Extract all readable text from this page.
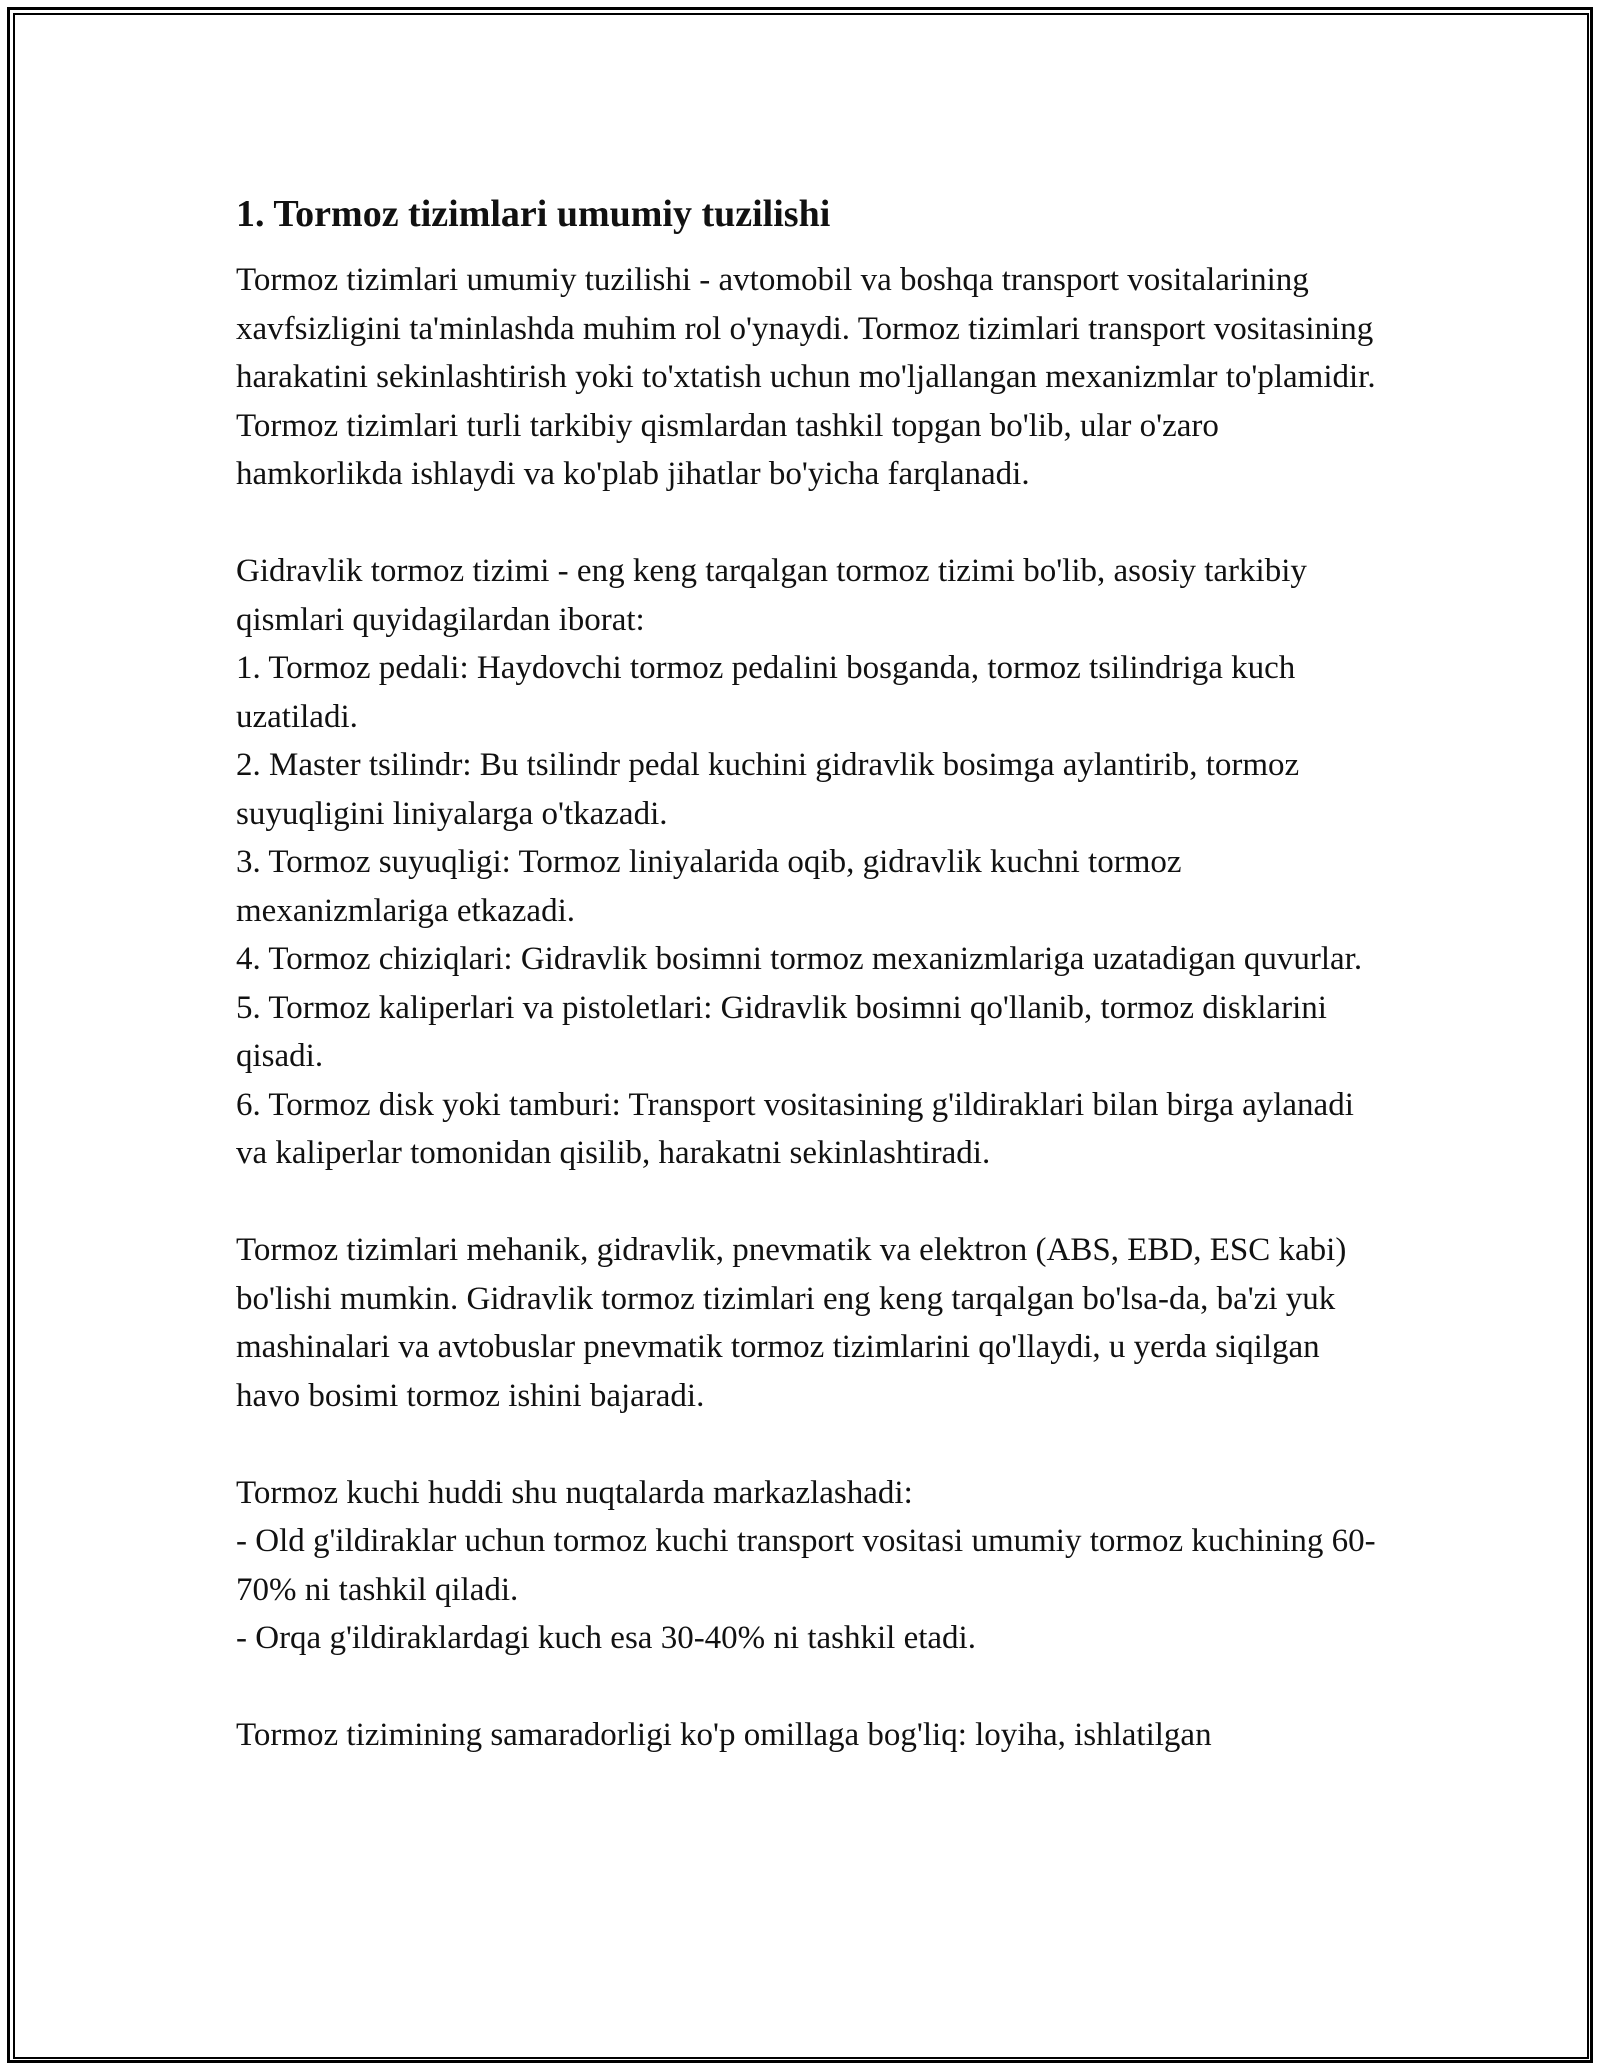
1. Tormoz tizimlari umumiy tuzilishi

Tormoz tizimlari umumiy tuzilishi - avtomobil va boshqa transport vositalarining xavfsizligini ta'minlashda muhim rol o'ynaydi. Tormoz tizimlari transport vositasining harakatini sekinlashtirish yoki to'xtatish uchun mo'ljallangan mexanizmlar to'plamidir. Tormoz tizimlari turli tarkibiy qismlardan tashkil topgan bo'lib, ular o'zaro hamkorlikda ishlaydi va ko'plab jihatlar bo'yicha farqlanadi.

Gidravlik tormoz tizimi - eng keng tarqalgan tormoz tizimi bo'lib, asosiy tarkibiy qismlari quyidagilardan iborat:
1. Tormoz pedali: Haydovchi tormoz pedalini bosganda, tormoz tsilindriga kuch uzatiladi.
2. Master tsilindr: Bu tsilindr pedal kuchini gidravlik bosimga aylantirib, tormoz suyuqligini liniyalarga o'tkazadi.
3. Tormoz suyuqligi: Tormoz liniyalarida oqib, gidravlik kuchni tormoz mexanizmlariga etkazadi.
4. Tormoz chiziqlari: Gidravlik bosimni tormoz mexanizmlariga uzatadigan quvurlar.
5. Tormoz kaliperlari va pistoletlari: Gidravlik bosimni qo'llanib, tormoz disklarini qisadi.
6. Tormoz disk yoki tamburi: Transport vositasining g'ildiraklari bilan birga aylanadi va kaliperlar tomonidan qisilib, harakatni sekinlashtiradi.

Tormoz tizimlari mehanik, gidravlik, pnevmatik va elektron (ABS, EBD, ESC kabi) bo'lishi mumkin. Gidravlik tormoz tizimlari eng keng tarqalgan bo'lsa-da, ba'zi yuk mashinalari va avtobuslar pnevmatik tormoz tizimlarini qo'llaydi, u yerda siqilgan havo bosimi tormoz ishini bajaradi.

Tormoz kuchi huddi shu nuqtalarda markazlashadi:
- Old g'ildiraklar uchun tormoz kuchi transport vositasi umumiy tormoz kuchining 60-70% ni tashkil qiladi.
- Orqa g'ildiraklardagi kuch esa 30-40% ni tashkil etadi.

Tormoz tizimining samaradorligi ko'p omillaga bog'liq: loyiha, ishlatilgan
